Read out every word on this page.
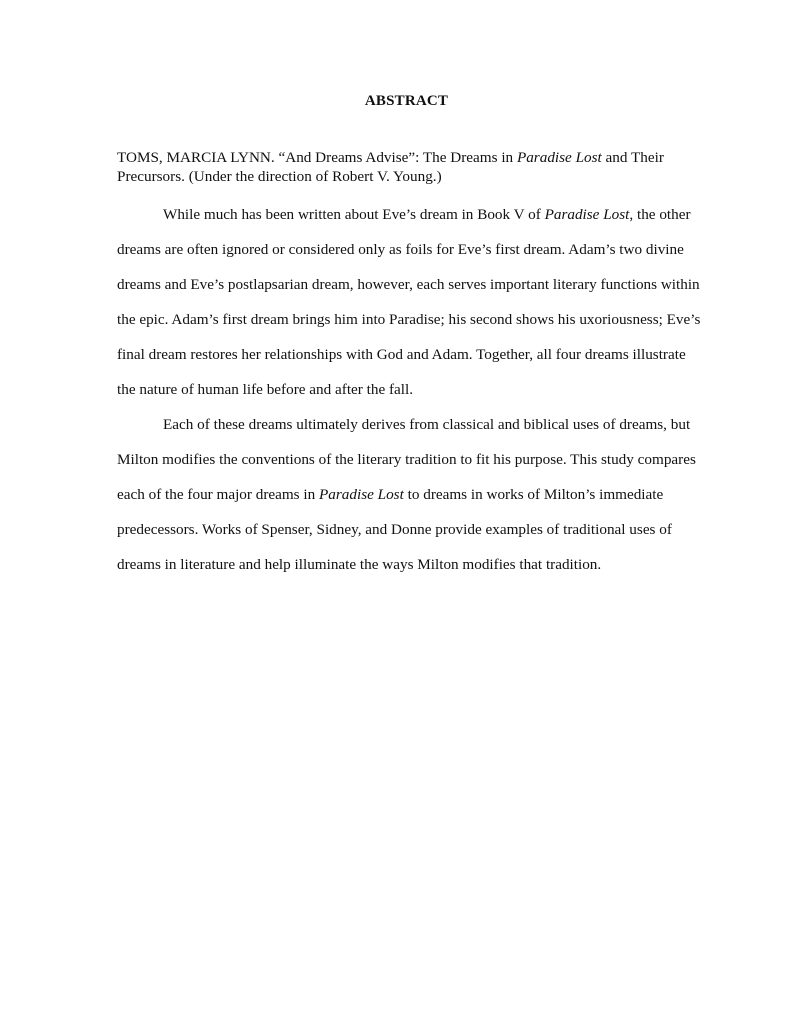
ABSTRACT
TOMS, MARCIA LYNN. “And Dreams Advise”: The Dreams in Paradise Lost and Their Precursors. (Under the direction of Robert V. Young.)

While much has been written about Eve’s dream in Book V of Paradise Lost, the other dreams are often ignored or considered only as foils for Eve’s first dream. Adam’s two divine dreams and Eve’s postlapsarian dream, however, each serves important literary functions within the epic. Adam’s first dream brings him into Paradise; his second shows his uxoriousness; Eve’s final dream restores her relationships with God and Adam. Together, all four dreams illustrate the nature of human life before and after the fall.

Each of these dreams ultimately derives from classical and biblical uses of dreams, but Milton modifies the conventions of the literary tradition to fit his purpose. This study compares each of the four major dreams in Paradise Lost to dreams in works of Milton’s immediate predecessors. Works of Spenser, Sidney, and Donne provide examples of traditional uses of dreams in literature and help illuminate the ways Milton modifies that tradition.
